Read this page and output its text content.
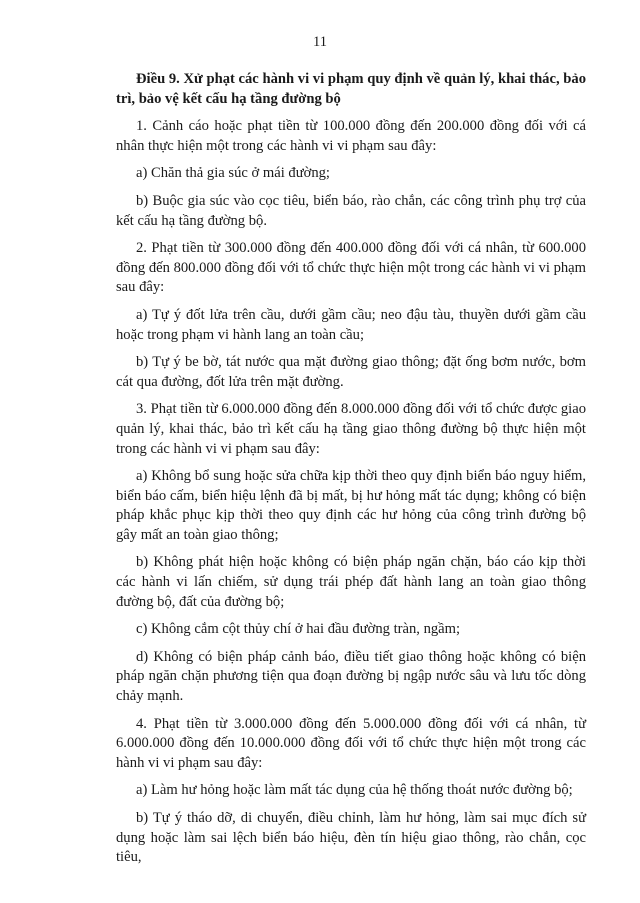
11

Điều 9. Xử phạt các hành vi vi phạm quy định về quản lý, khai thác, bảo trì, bảo vệ kết cấu hạ tầng đường bộ

1. Cảnh cáo hoặc phạt tiền từ 100.000 đồng đến 200.000 đồng đối với cá nhân thực hiện một trong các hành vi vi phạm sau đây:

a) Chăn thả gia súc ở mái đường;

b) Buộc gia súc vào cọc tiêu, biển báo, rào chắn, các công trình phụ trợ của kết cấu hạ tầng đường bộ.

2. Phạt tiền từ 300.000 đồng đến 400.000 đồng đối với cá nhân, từ 600.000 đồng đến 800.000 đồng đối với tổ chức thực hiện một trong các hành vi vi phạm sau đây:

a) Tự ý đốt lửa trên cầu, dưới gầm cầu; neo đậu tàu, thuyền dưới gầm cầu hoặc trong phạm vi hành lang an toàn cầu;

b) Tự ý be bờ, tát nước qua mặt đường giao thông; đặt ống bơm nước, bơm cát qua đường, đốt lửa trên mặt đường.

3. Phạt tiền từ 6.000.000 đồng đến 8.000.000 đồng đối với tổ chức được giao quản lý, khai thác, bảo trì kết cấu hạ tầng giao thông đường bộ thực hiện một trong các hành vi vi phạm sau đây:

a) Không bổ sung hoặc sửa chữa kịp thời theo quy định biển báo nguy hiểm, biển báo cấm, biển hiệu lệnh đã bị mất, bị hư hỏng mất tác dụng; không có biện pháp khắc phục kịp thời theo quy định các hư hỏng của công trình đường bộ gây mất an toàn giao thông;

b) Không phát hiện hoặc không có biện pháp ngăn chặn, báo cáo kịp thời các hành vi lấn chiếm, sử dụng trái phép đất hành lang an toàn giao thông đường bộ, đất của đường bộ;

c) Không cắm cột thủy chí ở hai đầu đường tràn, ngầm;

d) Không có biện pháp cảnh báo, điều tiết giao thông hoặc không có biện pháp ngăn chặn phương tiện qua đoạn đường bị ngập nước sâu và lưu tốc dòng chảy mạnh.

4. Phạt tiền từ 3.000.000 đồng đến 5.000.000 đồng đối với cá nhân, từ 6.000.000 đồng đến 10.000.000 đồng đối với tổ chức thực hiện một trong các hành vi vi phạm sau đây:

a) Làm hư hỏng hoặc làm mất tác dụng của hệ thống thoát nước đường bộ;

b) Tự ý tháo dỡ, di chuyển, điều chỉnh, làm hư hỏng, làm sai mục đích sử dụng hoặc làm sai lệch biển báo hiệu, đèn tín hiệu giao thông, rào chắn, cọc tiêu,
